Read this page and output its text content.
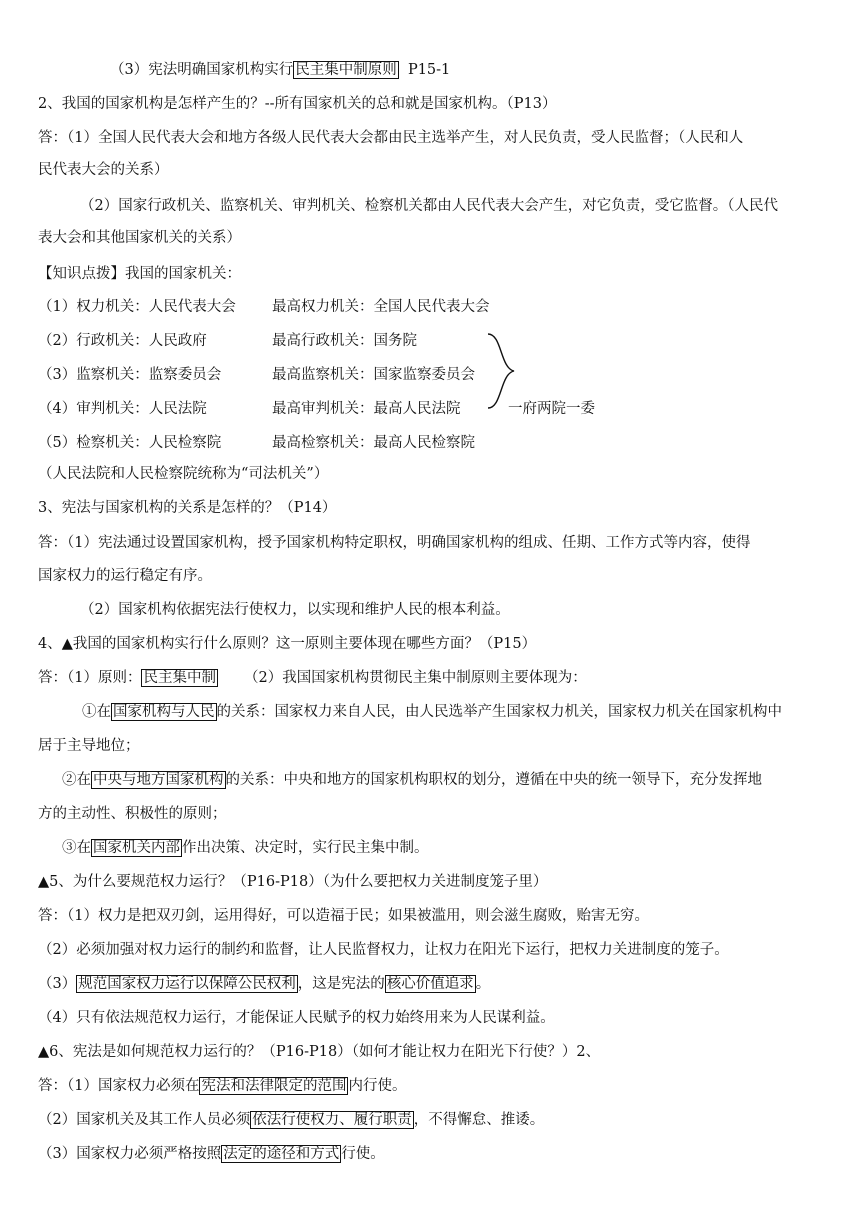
（3）宪法明确国家机构实行 民主集中制原则  P15-1
2、我国的国家机构是怎样产生的？--所有国家机关的总和就是国家机构。（P13）
答：（1）全国人民代表大会和地方各级人民代表大会都由民主选举产生，对人民负责，受人民监督；（人民和人
民代表大会的关系）
（2）国家行政机关、监察机关、审判机关、检察机关都由人民代表大会产生，对它负责，受它监督。（人民代
表大会和其他国家机关的关系）
【知识点拨】我国的国家机关：
（1）权力机关：人民代表大会	最高权力机关：全国人民代表大会
（2）行政机关：人民政府	最高行政机关：国务院
（3）监察机关：监察委员会	最高监察机关：国家监察委员会
（4）审判机关：人民法院	最高审判机关：最高人民法院
（5）检察机关：人民检察院	最高检察机关：最高人民检察院
一府两院一委
（人民法院和人民检察院统称为“司法机关”）
3、宪法与国家机构的关系是怎样的？（P14）
答：（1）宪法通过设置国家机构，授予国家机构特定职权，明确国家机构的组成、任期、工作方式等内容，使得
国家权力的运行稳定有序。
（2）国家机构依据宪法行使权力，以实现和维护人民的根本利益。
4、▲我国的国家机构实行什么原则？这一原则主要体现在哪些方面？（P15）
答：（1）原则： 民主集中制 （2）我国国家机构贯彻民主集中制原则主要体现为：
①在 国家机构与人民 的关系：国家权力来自人民，由人民选举产生国家权力机关，国家权力机关在国家机构中
居于主导地位；
②在 中央与地方国家机构 的关系：中央和地方的国家机构职权的划分，遵循在中央的统一领导下，充分发挥地
方的主动性、积极性的原则；
③在 国家机关内部 作出决策、决定时，实行民主集中制。
▲5、为什么要规范权力运行？（P16-P18）（为什么要把权力关进制度笼子里）
答：（1）权力是把双刃剑，运用得好，可以造福于民；如果被滥用，则会滋生腐败，贻害无穷。
（2）必须加强对权力运行的制约和监督，让人民监督权力，让权力在阳光下运行，把权力关进制度的笼子。
（3） 规范国家权力运行以保障公民权利 ，这是宪法的 核心价值追求 。
（4）只有依法规范权力运行，才能保证人民赋予的权力始终用来为人民谋利益。
▲6、宪法是如何规范权力运行的？（P16-P18）（如何才能让权力在阳光下行使？）2、
答：（1）国家权力必须在 宪法和法律限定的范围 内行使。
（2）国家机关及其工作人员必须 依法行使权力、履行职责 ，不得懈怠、推诿。
（3）国家权力必须严格按照 法定的途径和方式 行使。
